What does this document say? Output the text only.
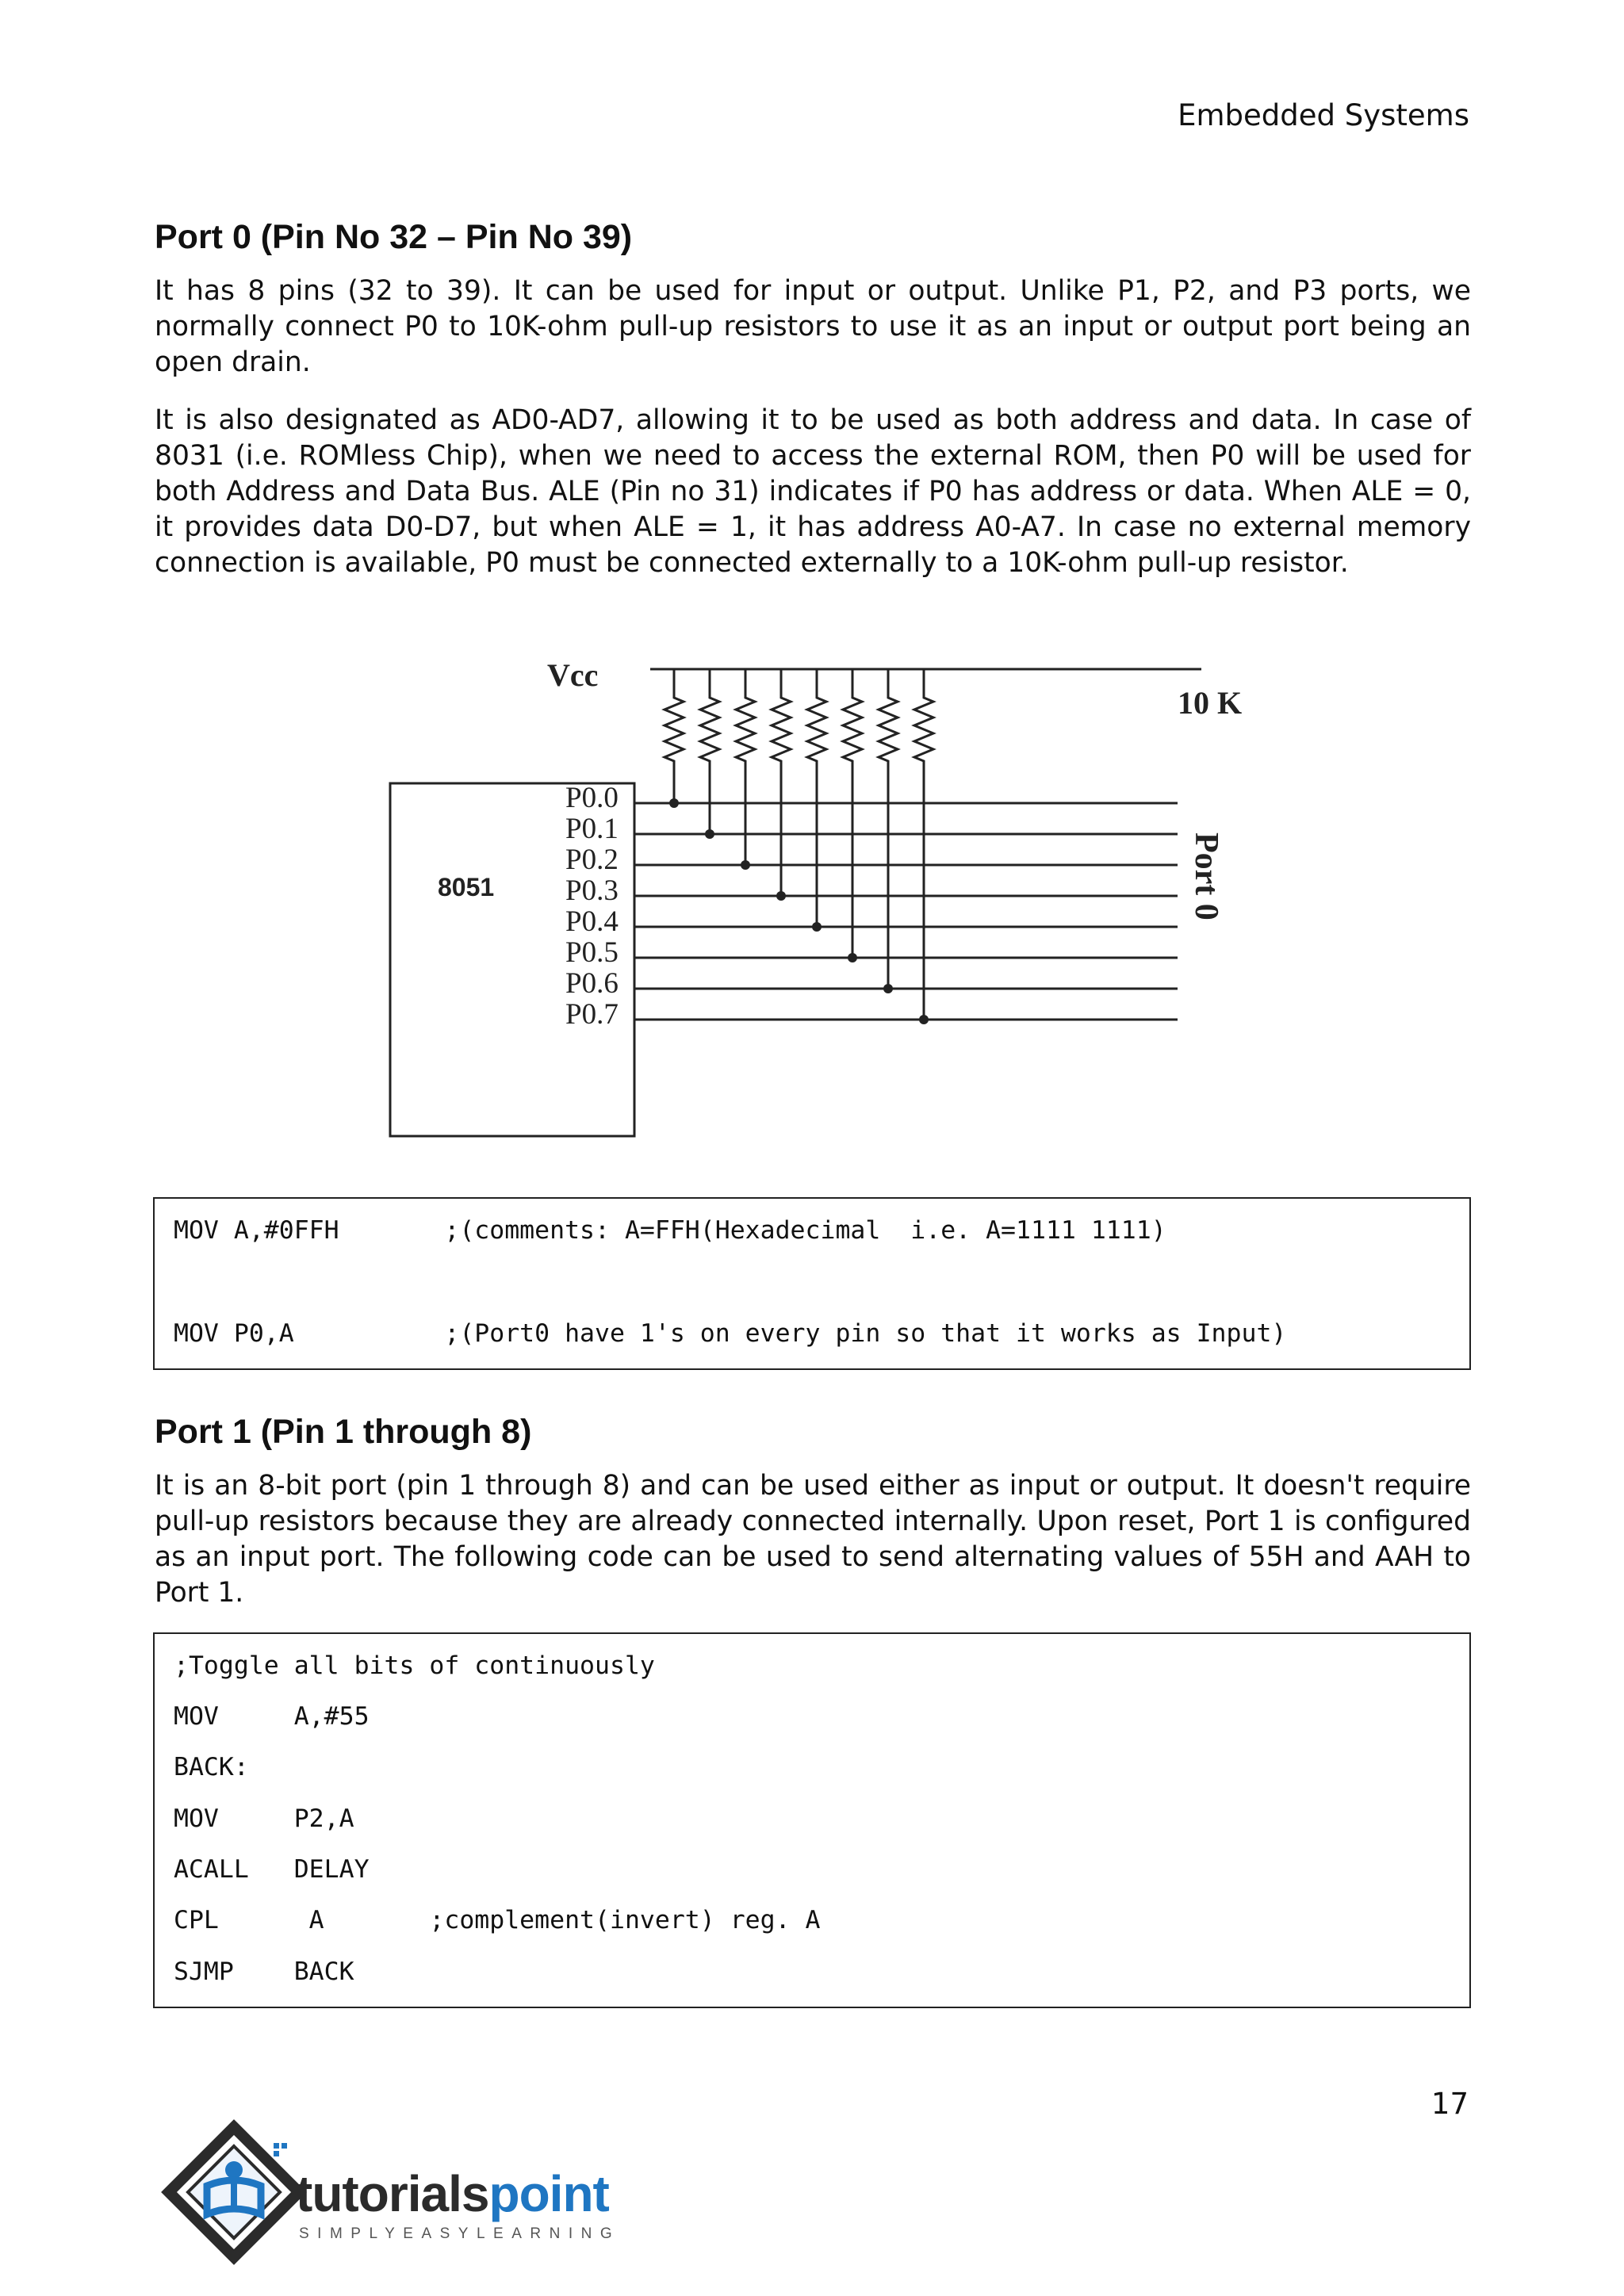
Embedded Systems
Port 0 (Pin No 32 – Pin No 39)

It has 8 pins (32 to 39). It can be used for input or output. Unlike P1, P2, and P3 ports, we normally connect P0 to 10K-ohm pull-up resistors to use it as an input or output port being an open drain.

It is also designated as AD0-AD7, allowing it to be used as both address and data. In case of 8031 (i.e. ROMless Chip), when we need to access the external ROM, then P0 will be used for both Address and Data Bus. ALE (Pin no 31) indicates if P0 has address or data. When ALE = 0, it provides data D0-D7, but when ALE = 1, it has address A0-A7. In case no external memory connection is available, P0 must be connected externally to a 10K-ohm pull-up resistor.

Vcc
10 K
8051
P0.0
P0.1
P0.2
P0.3
P0.4
P0.5
P0.6
P0.7
Port 0
MOV A,#0FFH       ;(comments: A=FFH(Hexadecimal  i.e. A=1111 1111)
MOV P0,A          ;(Port0 have 1's on every pin so that it works as Input)
Port 1 (Pin 1 through 8)

It is an 8-bit port (pin 1 through 8) and can be used either as input or output. It doesn't require pull-up resistors because they are already connected internally. Upon reset, Port 1 is configured as an input port. The following code can be used to send alternating values of 55H and AAH to Port 1.

;Toggle all bits of continuously
MOV     A,#55
BACK:
MOV     P2,A
ACALL   DELAY
CPL      A       ;complement(invert) reg. A
SJMP    BACK
17
tutorialspoint
SIMPLYEASYLEARNING
